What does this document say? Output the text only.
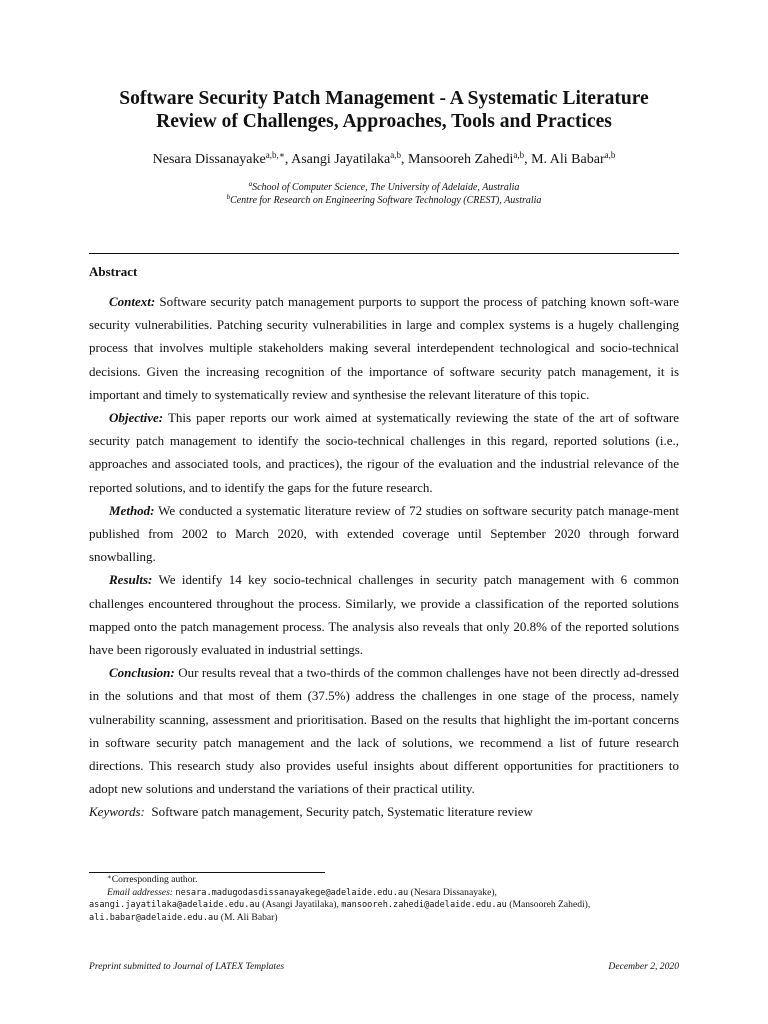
Software Security Patch Management - A Systematic Literature
Review of Challenges, Approaches, Tools and Practices
Nesara Dissanayake$^{a,b,∗}$, Asangi Jayatilaka$^{a,b}$, Mansooreh Zahedi$^{a,b}$, M. Ali Babar$^{a,b}$
$^a$School of Computer Science, The University of Adelaide, Australia
$^b$Centre for Research on Engineering Software Technology (CREST), Australia
Abstract

Context: Software security patch management purports to support the process of patching known soft-ware security vulnerabilities. Patching security vulnerabilities in large and complex systems is a hugely challenging process that involves multiple stakeholders making several interdependent technological and socio-technical decisions. Given the increasing recognition of the importance of software security patch management, it is important and timely to systematically review and synthesise the relevant literature of this topic.

Objective: This paper reports our work aimed at systematically reviewing the state of the art of software security patch management to identify the socio-technical challenges in this regard, reported solutions (i.e., approaches and associated tools, and practices), the rigour of the evaluation and the industrial relevance of the reported solutions, and to identify the gaps for the future research.

Method: We conducted a systematic literature review of 72 studies on software security patch manage-ment published from 2002 to March 2020, with extended coverage until September 2020 through forward snowballing.

Results: We identify 14 key socio-technical challenges in security patch management with 6 common challenges encountered throughout the process. Similarly, we provide a classification of the reported solutions mapped onto the patch management process. The analysis also reveals that only 20.8% of the reported solutions have been rigorously evaluated in industrial settings.

Conclusion: Our results reveal that a two-thirds of the common challenges have not been directly ad-dressed in the solutions and that most of them (37.5%) address the challenges in one stage of the process, namely vulnerability scanning, assessment and prioritisation. Based on the results that highlight the im-portant concerns in software security patch management and the lack of solutions, we recommend a list of future research directions. This research study also provides useful insights about different opportunities for practitioners to adopt new solutions and understand the variations of their practical utility.

Keywords: Software patch management, Security patch, Systematic literature review

∗Corresponding author.
Email addresses: nesara.madugodasdissanayakege@adelaide.edu.au (Nesara Dissanayake),
asangi.jayatilaka@adelaide.edu.au (Asangi Jayatilaka), mansooreh.zahedi@adelaide.edu.au (Mansooreh Zahedi),
ali.babar@adelaide.edu.au (M. Ali Babar)
Preprint submitted to Journal of LATEX Templates	December 2, 2020
